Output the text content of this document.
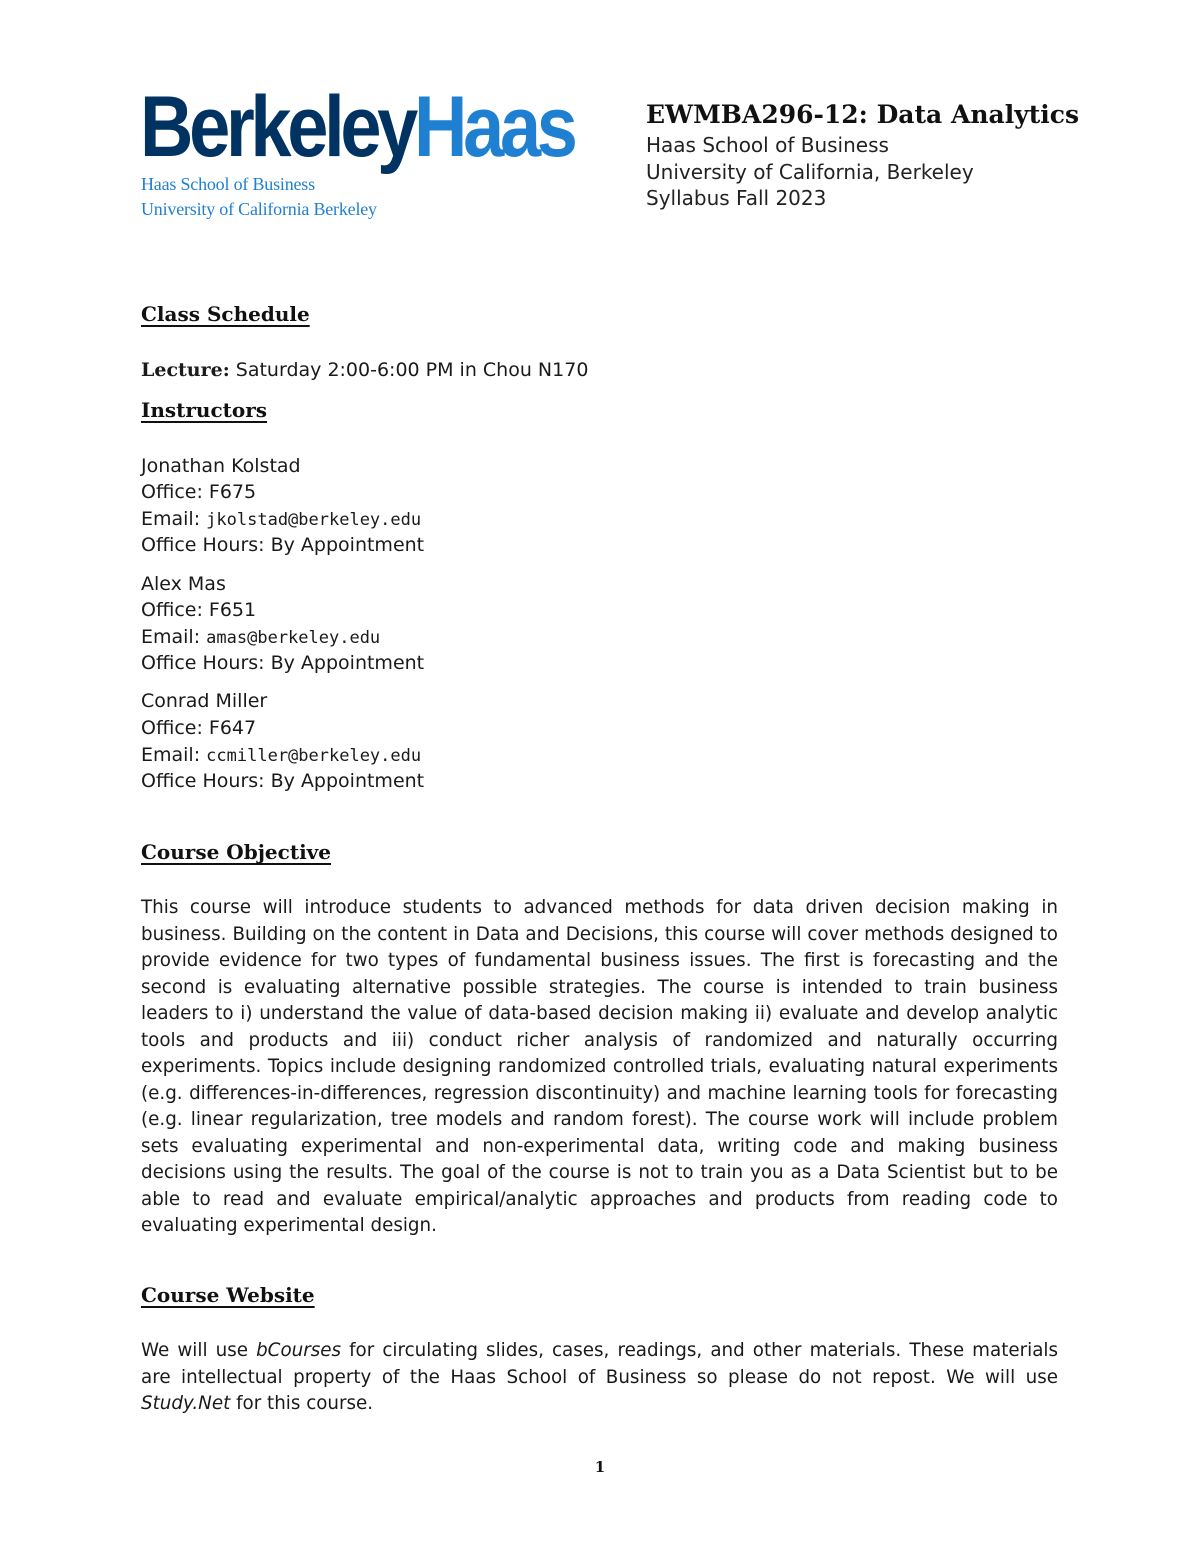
BerkeleyHaas
Haas School of Business
University of California Berkeley

EWMBA296-12: Data Analytics

Haas School of Business

University of California, Berkeley

Syllabus Fall 2023

Class Schedule
Lecture: Saturday 2:00-6:00 PM in Chou N170
Instructors
Jonathan Kolstad
Office: F675
Email: jkolstad@berkeley.edu
Office Hours: By Appointment
Alex Mas
Office: F651
Email: amas@berkeley.edu
Office Hours: By Appointment
Conrad Miller
Office: F647
Email: ccmiller@berkeley.edu
Office Hours: By Appointment
Course Objective

This course will introduce students to advanced methods for data driven decision making in business. Building on the content in Data and Decisions, this course will cover methods designed to provide evidence for two types of fundamental business issues. The first is forecasting and the second is evaluating alternative possible strategies. The course is intended to train business leaders to i) understand the value of data-based decision making ii) evaluate and develop analytic tools and products and iii) conduct richer analysis of randomized and naturally occurring experiments. Topics include designing randomized controlled trials, evaluating natural experiments (e.g. differences-in-differences, regression discontinuity) and machine learning tools for forecasting (e.g. linear regularization, tree models and random forest). The course work will include problem sets evaluating experimental and non-experimental data, writing code and making business decisions using the results. The goal of the course is not to train you as a Data Scientist but to be able to read and evaluate empirical/analytic approaches and products from reading code to evaluating experimental design.

Course Website

We will use bCourses for circulating slides, cases, readings, and other materials. These materials are intellectual property of the Haas School of Business so please do not repost. We will use Study.Net for this course.

1
